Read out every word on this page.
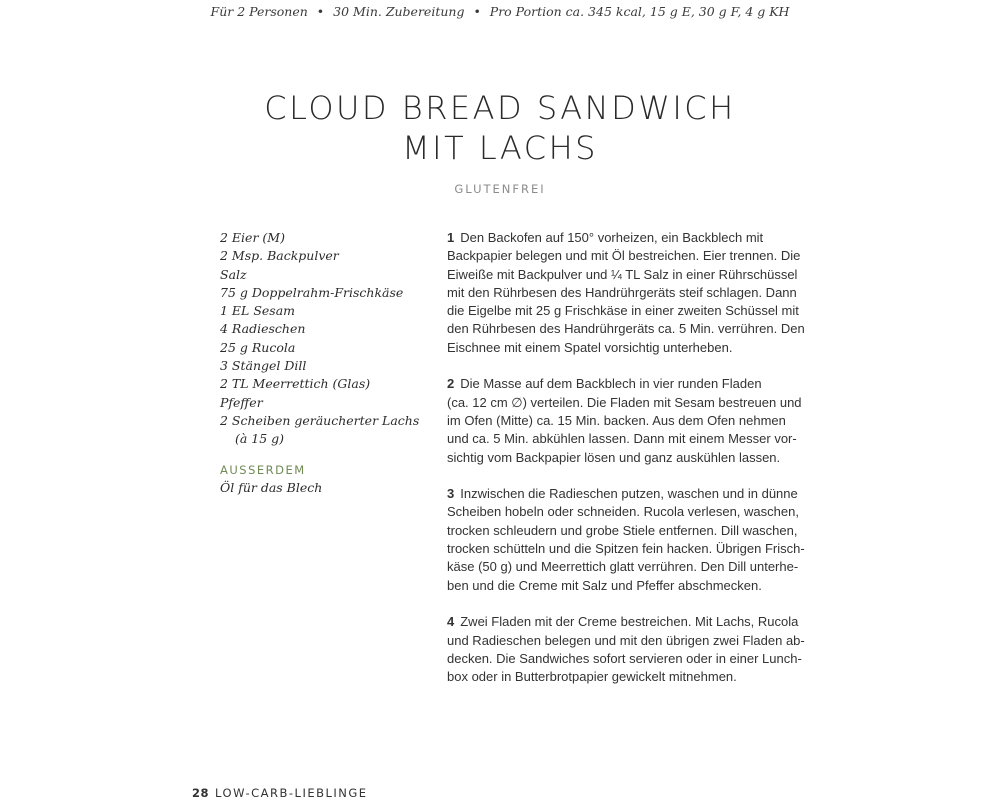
Für 2 Personen • 30 Min. Zubereitung • Pro Portion ca. 345 kcal, 15 g E, 30 g F, 4 g KH
CLOUD BREAD SANDWICH
MIT LACHS
GLUTENFREI
2 Eier (M)
2 Msp. Backpulver
Salz
75 g Doppelrahm-Frischkäse
1 EL Sesam
4 Radieschen
25 g Rucola
3 Stängel Dill
2 TL Meerrettich (Glas)
Pfeffer
2 Scheiben geräucherter Lachs
(à 15 g)
AUSSERDEM
Öl für das Blech
1 Den Backofen auf 150° vorheizen, ein Backblech mit
Backpapier belegen und mit Öl bestreichen. Eier trennen. Die
Eiweiße mit Backpulver und ¼ TL Salz in einer Rührschüssel
mit den Rührbesen des Handrührgeräts steif schlagen. Dann
die Eigelbe mit 25 g Frischkäse in einer zweiten Schüssel mit
den Rührbesen des Handrührgeräts ca. 5 Min. verrühren. Den
Eischnee mit einem Spatel vorsichtig unterheben.
2 Die Masse auf dem Backblech in vier runden Fladen
(ca. 12 cm ∅) verteilen. Die Fladen mit Sesam bestreuen und
im Ofen (Mitte) ca. 15 Min. backen. Aus dem Ofen nehmen
und ca. 5 Min. abkühlen lassen. Dann mit einem Messer vor-
sichtig vom Backpapier lösen und ganz auskühlen lassen.
3 Inzwischen die Radieschen putzen, waschen und in dünne
Scheiben hobeln oder schneiden. Rucola verlesen, waschen,
trocken schleudern und grobe Stiele entfernen. Dill waschen,
trocken schütteln und die Spitzen fein hacken. Übrigen Frisch-
käse (50 g) und Meerrettich glatt verrühren. Den Dill unterhe-
ben und die Creme mit Salz und Pfeffer abschmecken.
4 Zwei Fladen mit der Creme bestreichen. Mit Lachs, Rucola
und Radieschen belegen und mit den übrigen zwei Fladen ab-
decken. Die Sandwiches sofort servieren oder in einer Lunch-
box oder in Butterbrotpapier gewickelt mitnehmen.
28 LOW-CARB-LIEBLINGE
